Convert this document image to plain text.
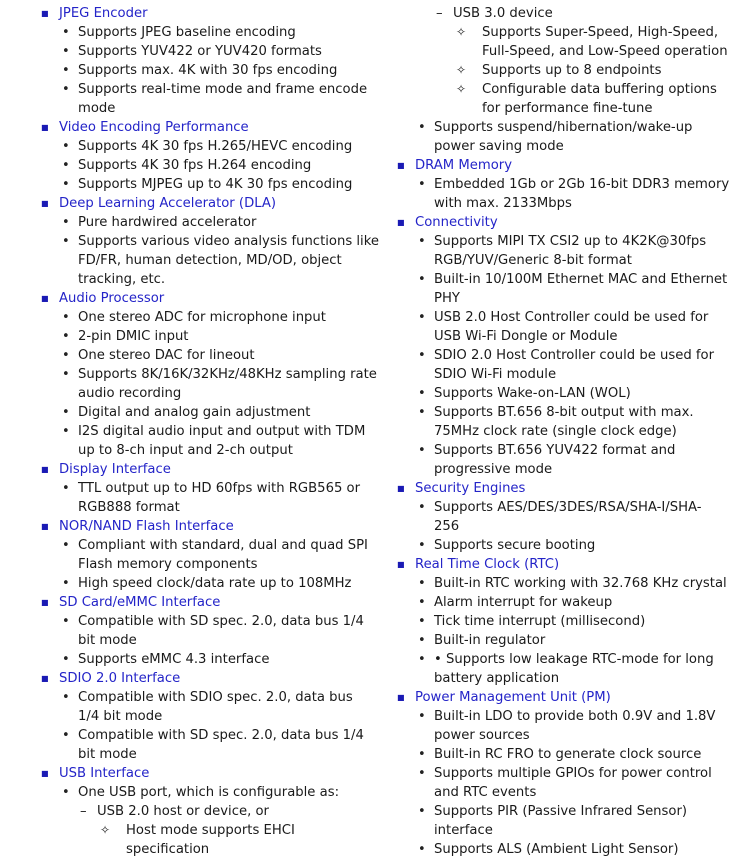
■ JPEG Encoder
• Supports JPEG baseline encoding
• Supports YUV422 or YUV420 formats
• Supports max. 4K with 30 fps encoding
• Supports real-time mode and frame encode
mode
■ Video Encoding Performance
• Supports 4K 30 fps H.265/HEVC encoding
• Supports 4K 30 fps H.264 encoding
• Supports MJPEG up to 4K 30 fps encoding
■ Deep Learning Accelerator (DLA)
• Pure hardwired accelerator
• Supports various video analysis functions like
FD/FR, human detection, MD/OD, object
tracking, etc.
■ Audio Processor
• One stereo ADC for microphone input
• 2-pin DMIC input
• One stereo DAC for lineout
• Supports 8K/16K/32KHz/48KHz sampling rate
audio recording
• Digital and analog gain adjustment
• I2S digital audio input and output with TDM
up to 8-ch input and 2-ch output
■ Display Interface
• TTL output up to HD 60fps with RGB565 or
RGB888 format
■ NOR/NAND Flash Interface
• Compliant with standard, dual and quad SPI
Flash memory components
• High speed clock/data rate up to 108MHz
■ SD Card/eMMC Interface
• Compatible with SD spec. 2.0, data bus 1/4
bit mode
• Supports eMMC 4.3 interface
■ SDIO 2.0 Interface
• Compatible with SDIO spec. 2.0, data bus
1/4 bit mode
• Compatible with SD spec. 2.0, data bus 1/4
bit mode
■ USB Interface
• One USB port, which is configurable as:
– USB 2.0 host or device, or
✧ Host mode supports EHCI
specification
– USB 3.0 device
✧ Supports Super-Speed, High-Speed,
Full-Speed, and Low-Speed operation
✧ Supports up to 8 endpoints
✧ Configurable data buffering options
for performance fine-tune
• Supports suspend/hibernation/wake-up
power saving mode
■ DRAM Memory
• Embedded 1Gb or 2Gb 16-bit DDR3 memory
with max. 2133Mbps
■ Connectivity
• Supports MIPI TX CSI2 up to 4K2K@30fps
RGB/YUV/Generic 8-bit format
• Built-in 10/100M Ethernet MAC and Ethernet
PHY
• USB 2.0 Host Controller could be used for
USB Wi-Fi Dongle or Module
• SDIO 2.0 Host Controller could be used for
SDIO Wi-Fi module
• Supports Wake-on-LAN (WOL)
• Supports BT.656 8-bit output with max.
75MHz clock rate (single clock edge)
• Supports BT.656 YUV422 format and
progressive mode
■ Security Engines
• Supports AES/DES/3DES/RSA/SHA-I/SHA-
256
• Supports secure booting
■ Real Time Clock (RTC)
• Built-in RTC working with 32.768 KHz crystal
• Alarm interrupt for wakeup
• Tick time interrupt (millisecond)
• Built-in regulator
• • Supports low leakage RTC-mode for long
battery application
■ Power Management Unit (PM)
• Built-in LDO to provide both 0.9V and 1.8V
power sources
• Built-in RC FRO to generate clock source
• Supports multiple GPIOs for power control
and RTC events
• Supports PIR (Passive Infrared Sensor)
interface
• Supports ALS (Ambient Light Sensor)
